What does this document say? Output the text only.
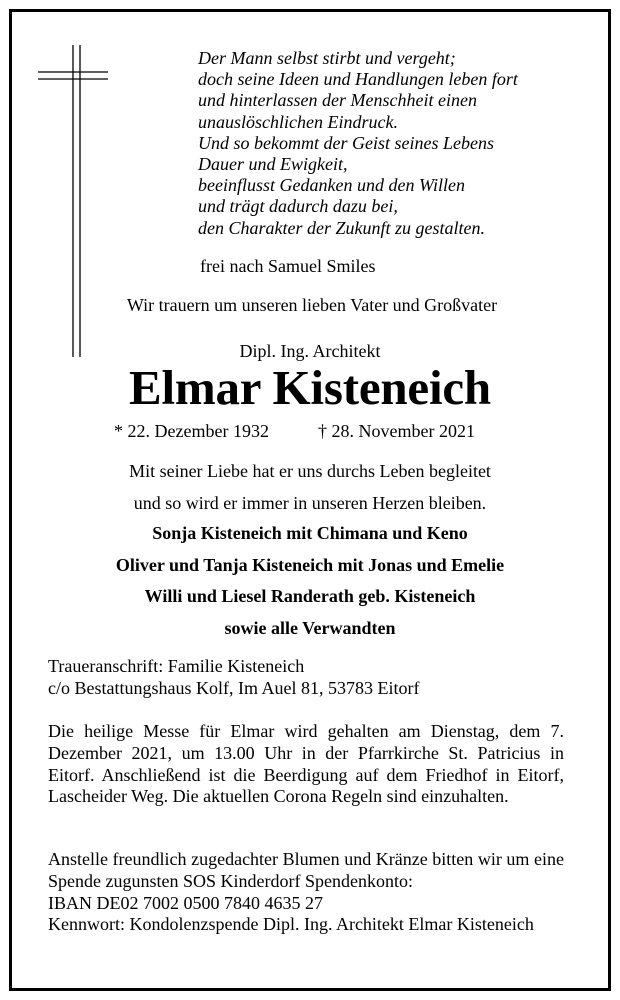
Der Mann selbst stirbt und vergeht;
doch seine Ideen und Handlungen leben fort
und hinterlassen der Menschheit einen
unauslöschlichen Eindruck.
Und so bekommt der Geist seines Lebens
Dauer und Ewigkeit,
beeinflusst Gedanken und den Willen
und trägt dadurch dazu bei,
den Charakter der Zukunft zu gestalten.
frei nach Samuel Smiles
Wir trauern um unseren lieben Vater und Großvater
Dipl. Ing. Architekt
Elmar Kisteneich
* 22. Dezember 1932	† 28. November 2021
Mit seiner Liebe hat er uns durchs Leben begleitet
und so wird er immer in unseren Herzen bleiben.
Sonja Kisteneich mit Chimana und Keno
Oliver und Tanja Kisteneich mit Jonas und Emelie
Willi und Liesel Randerath geb. Kisteneich
sowie alle Verwandten
Traueranschrift: Familie Kisteneich
c/o Bestattungshaus Kolf, Im Auel 81, 53783 Eitorf

Die heilige Messe für Elmar wird gehalten am Dienstag, dem 7. Dezember 2021, um 13.00 Uhr in der Pfarrkirche St. Patricius in Eitorf. Anschließend ist die Beerdigung auf dem Friedhof in Eitorf, Lascheider Weg. Die aktuellen Corona Regeln sind einzuhalten.

Anstelle freundlich zugedachter Blumen und Kränze bitten wir um eine Spende zugunsten SOS Kinderdorf Spendenkonto:

IBAN DE02 7002 0500 7840 4635 27

Kennwort: Kondolenzspende Dipl. Ing. Architekt Elmar Kisteneich
